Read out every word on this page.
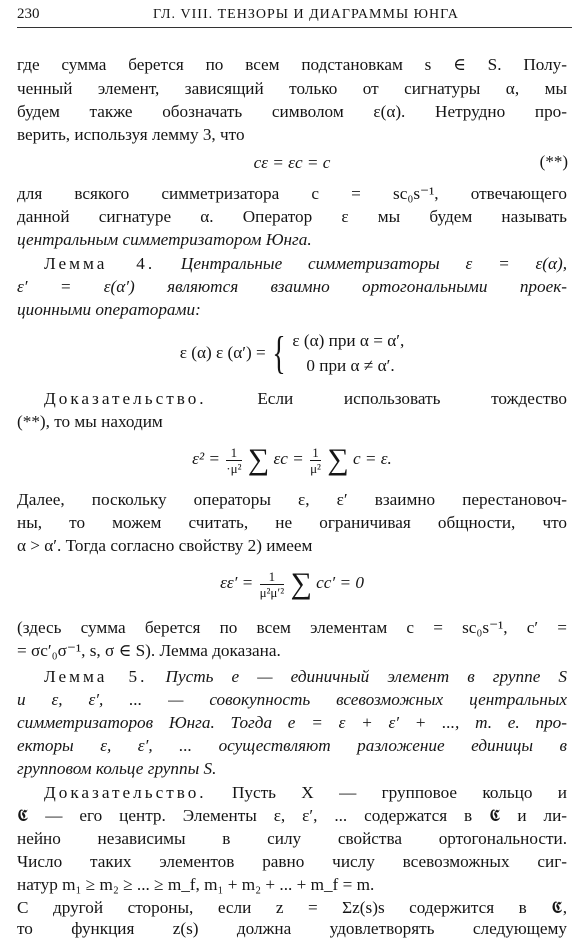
230	ГЛ. VIII. ТЕНЗОРЫ И ДИАГРАММЫ ЮНГА
где сумма берется по всем подстановкам s ∈ S. Полу-
ченный элемент, зависящий только от сигнатуры α, мы
будем также обозначать символом ε(α). Нетрудно про-
верить, используя лемму 3, что
cε = εc = c	(**)
для всякого симметризатора c = sc₀s⁻¹, отвечающего
данной сигнатуре α. Оператор ε мы будем называть
центральным симметризатором Юнга.
Лемма 4. Центральные симметризаторы ε = ε(α),
ε′ = ε(α′) являются взаимно ортогональными проек-
ционными операторами:
ε (α) ε (α′) = { ε (α) при α = α′,
0 при α ≠ α′.
Доказательство.	Если использовать тождество
(**), то мы находим
$\varepsilon^2 = \frac{1}{\text{·μ²}}$ ∑ $\varepsilon c = \frac{1}{\text{μ²}}$ ∑ c = ε.
Далее, поскольку операторы ε, ε′ взаимно перестановоч-
ны, то можем считать, не ограничивая общности, что
α > α′. Тогда согласно свойству 2) имеем
$\varepsilon\varepsilon' = \frac{1}{\text{μ²μ′²}}$ ∑ cc′ = 0
(здесь сумма берется по всем элементам c = sc₀s⁻¹, c′ =
= σc′₀σ⁻¹, s, σ ∈ S). Лемма доказана.
Лемма 5. Пусть e — единичный элемент в группе S
и ε, ε′, ... — совокупность всевозможных центральных
симметризаторов Юнга. Тогда e = ε + ε′ + ..., т. е. про-
екторы ε, ε′, ... осуществляют разложение единицы в
групповом кольце группы S.
Доказательство. Пусть X — групповое кольцо и
𝕮 — его центр. Элементы ε, ε′, ... содержатся в 𝕮 и ли-
нейно независимы в силу свойства ортогональности.
Число таких элементов равно числу всевозможных сиг-
натур m₁ ≥ m₂ ≥ ... ≥ m_f, m₁ + m₂ + ... + m_f = m.
С другой стороны, если z = Σz(s)s содержится в 𝕮,
то функция z(s) должна удовлетворять следующему
